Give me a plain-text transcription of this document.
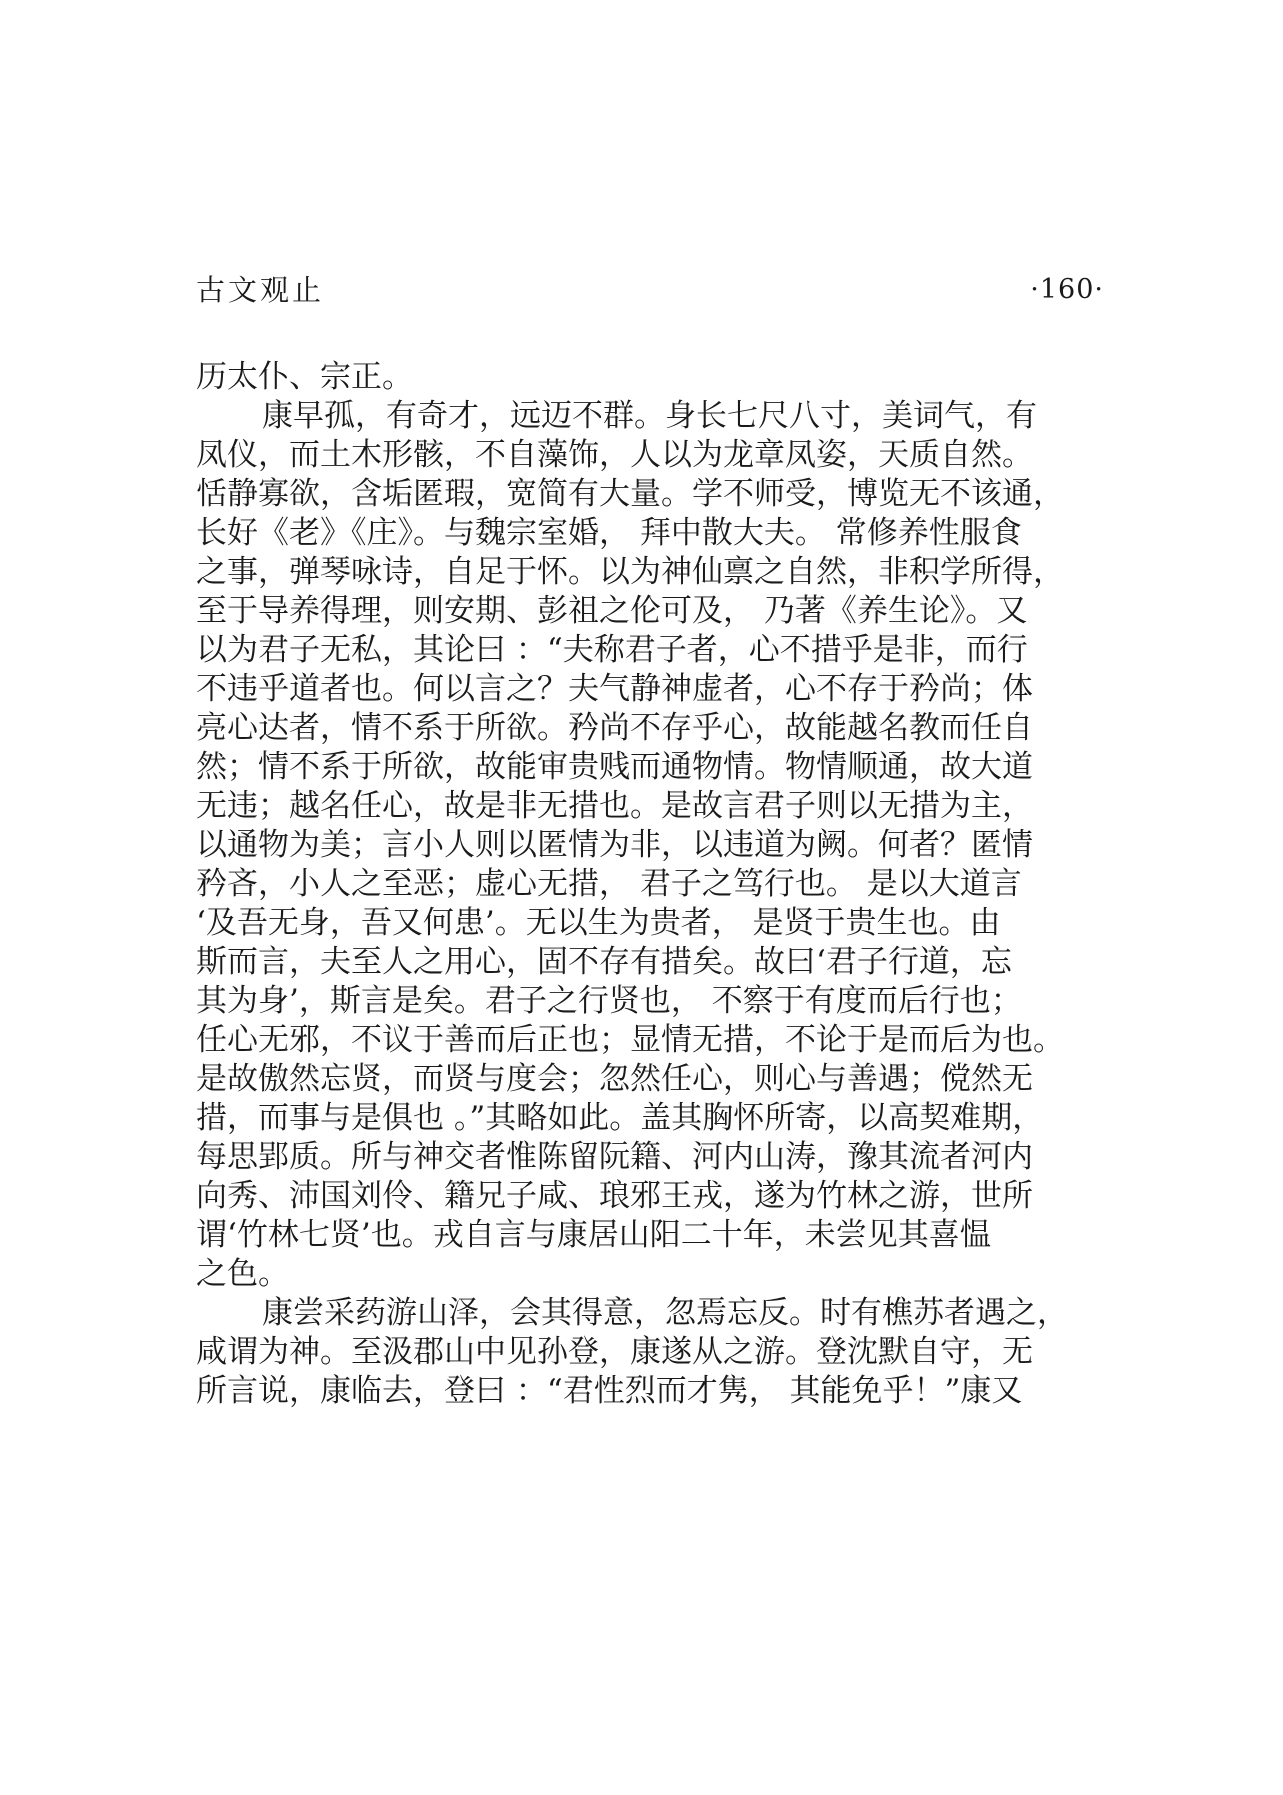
古文观止	·160·
历太仆、宗正。
康早孤，有奇才，远迈不群。身长七尺八寸，美词气，有
凤仪，而土木形骸，不自藻饰，人以为龙章凤姿，天质自然。
恬静寡欲，含垢匿瑕，宽简有大量。学不师受，博览无不该通，
长好《老》《庄》。与魏宗室婚， 拜中散大夫。 常修养性服食
之事，弹琴咏诗，自足于怀。以为神仙禀之自然，非积学所得，
至于导养得理，则安期、彭祖之伦可及， 乃著《养生论》。又
以为君子无私，其论曰 ：“夫称君子者，心不措乎是非，而行
不违乎道者也。何以言之？夫气静神虚者，心不存于矜尚；体
亮心达者，情不系于所欲。矜尚不存乎心，故能越名教而任自
然；情不系于所欲，故能审贵贱而通物情。物情顺通，故大道
无违；越名任心，故是非无措也。是故言君子则以无措为主，
以通物为美；言小人则以匿情为非，以违道为阙。何者？匿情
矜吝，小人之至恶；虚心无措， 君子之笃行也。 是以大道言
‘及吾无身，吾又何患’。无以生为贵者， 是贤于贵生也。由
斯而言，夫至人之用心，固不存有措矣。故曰‘君子行道，忘
其为身’，斯言是矣。君子之行贤也， 不察于有度而后行也；
任心无邪，不议于善而后正也；显情无措，不论于是而后为也。
是故傲然忘贤，而贤与度会；忽然任心，则心与善遇；傥然无
措，而事与是俱也 。”其略如此。盖其胸怀所寄，以高契难期，
每思郢质。所与神交者惟陈留阮籍、河内山涛，豫其流者河内
向秀、沛国刘伶、籍兄子咸、琅邪王戎，遂为竹林之游，世所
谓‘竹林七贤’也。戎自言与康居山阳二十年，未尝见其喜愠
之色。
康尝采药游山泽，会其得意，忽焉忘反。时有樵苏者遇之，
咸谓为神。至汲郡山中见孙登，康遂从之游。登沈默自守，无
所言说，康临去，登曰 ：“君性烈而才隽， 其能免乎！”康又
